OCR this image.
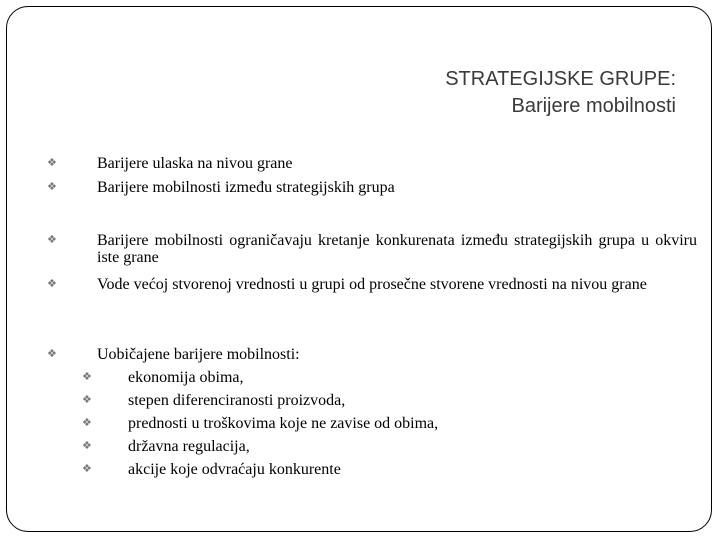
STRATEGIJSKE GRUPE:
Barijere mobilnosti
❖	Barijere ulaska na nivou grane
❖	Barijere mobilnosti između strategijskih grupa
❖	Barijere mobilnosti ograničavaju kretanje konkurenata između strategijskih grupa u okviru iste grane
❖	Vode većoj stvorenoj vrednosti u grupi od prosečne stvorene vrednosti na nivou grane
❖	Uobičajene barijere mobilnosti:
❖ ekonomija obima,
❖ stepen diferenciranosti proizvoda,
❖ prednosti u troškovima koje ne zavise od obima,
❖ državna regulacija,
❖ akcije koje odvraćaju konkurente
